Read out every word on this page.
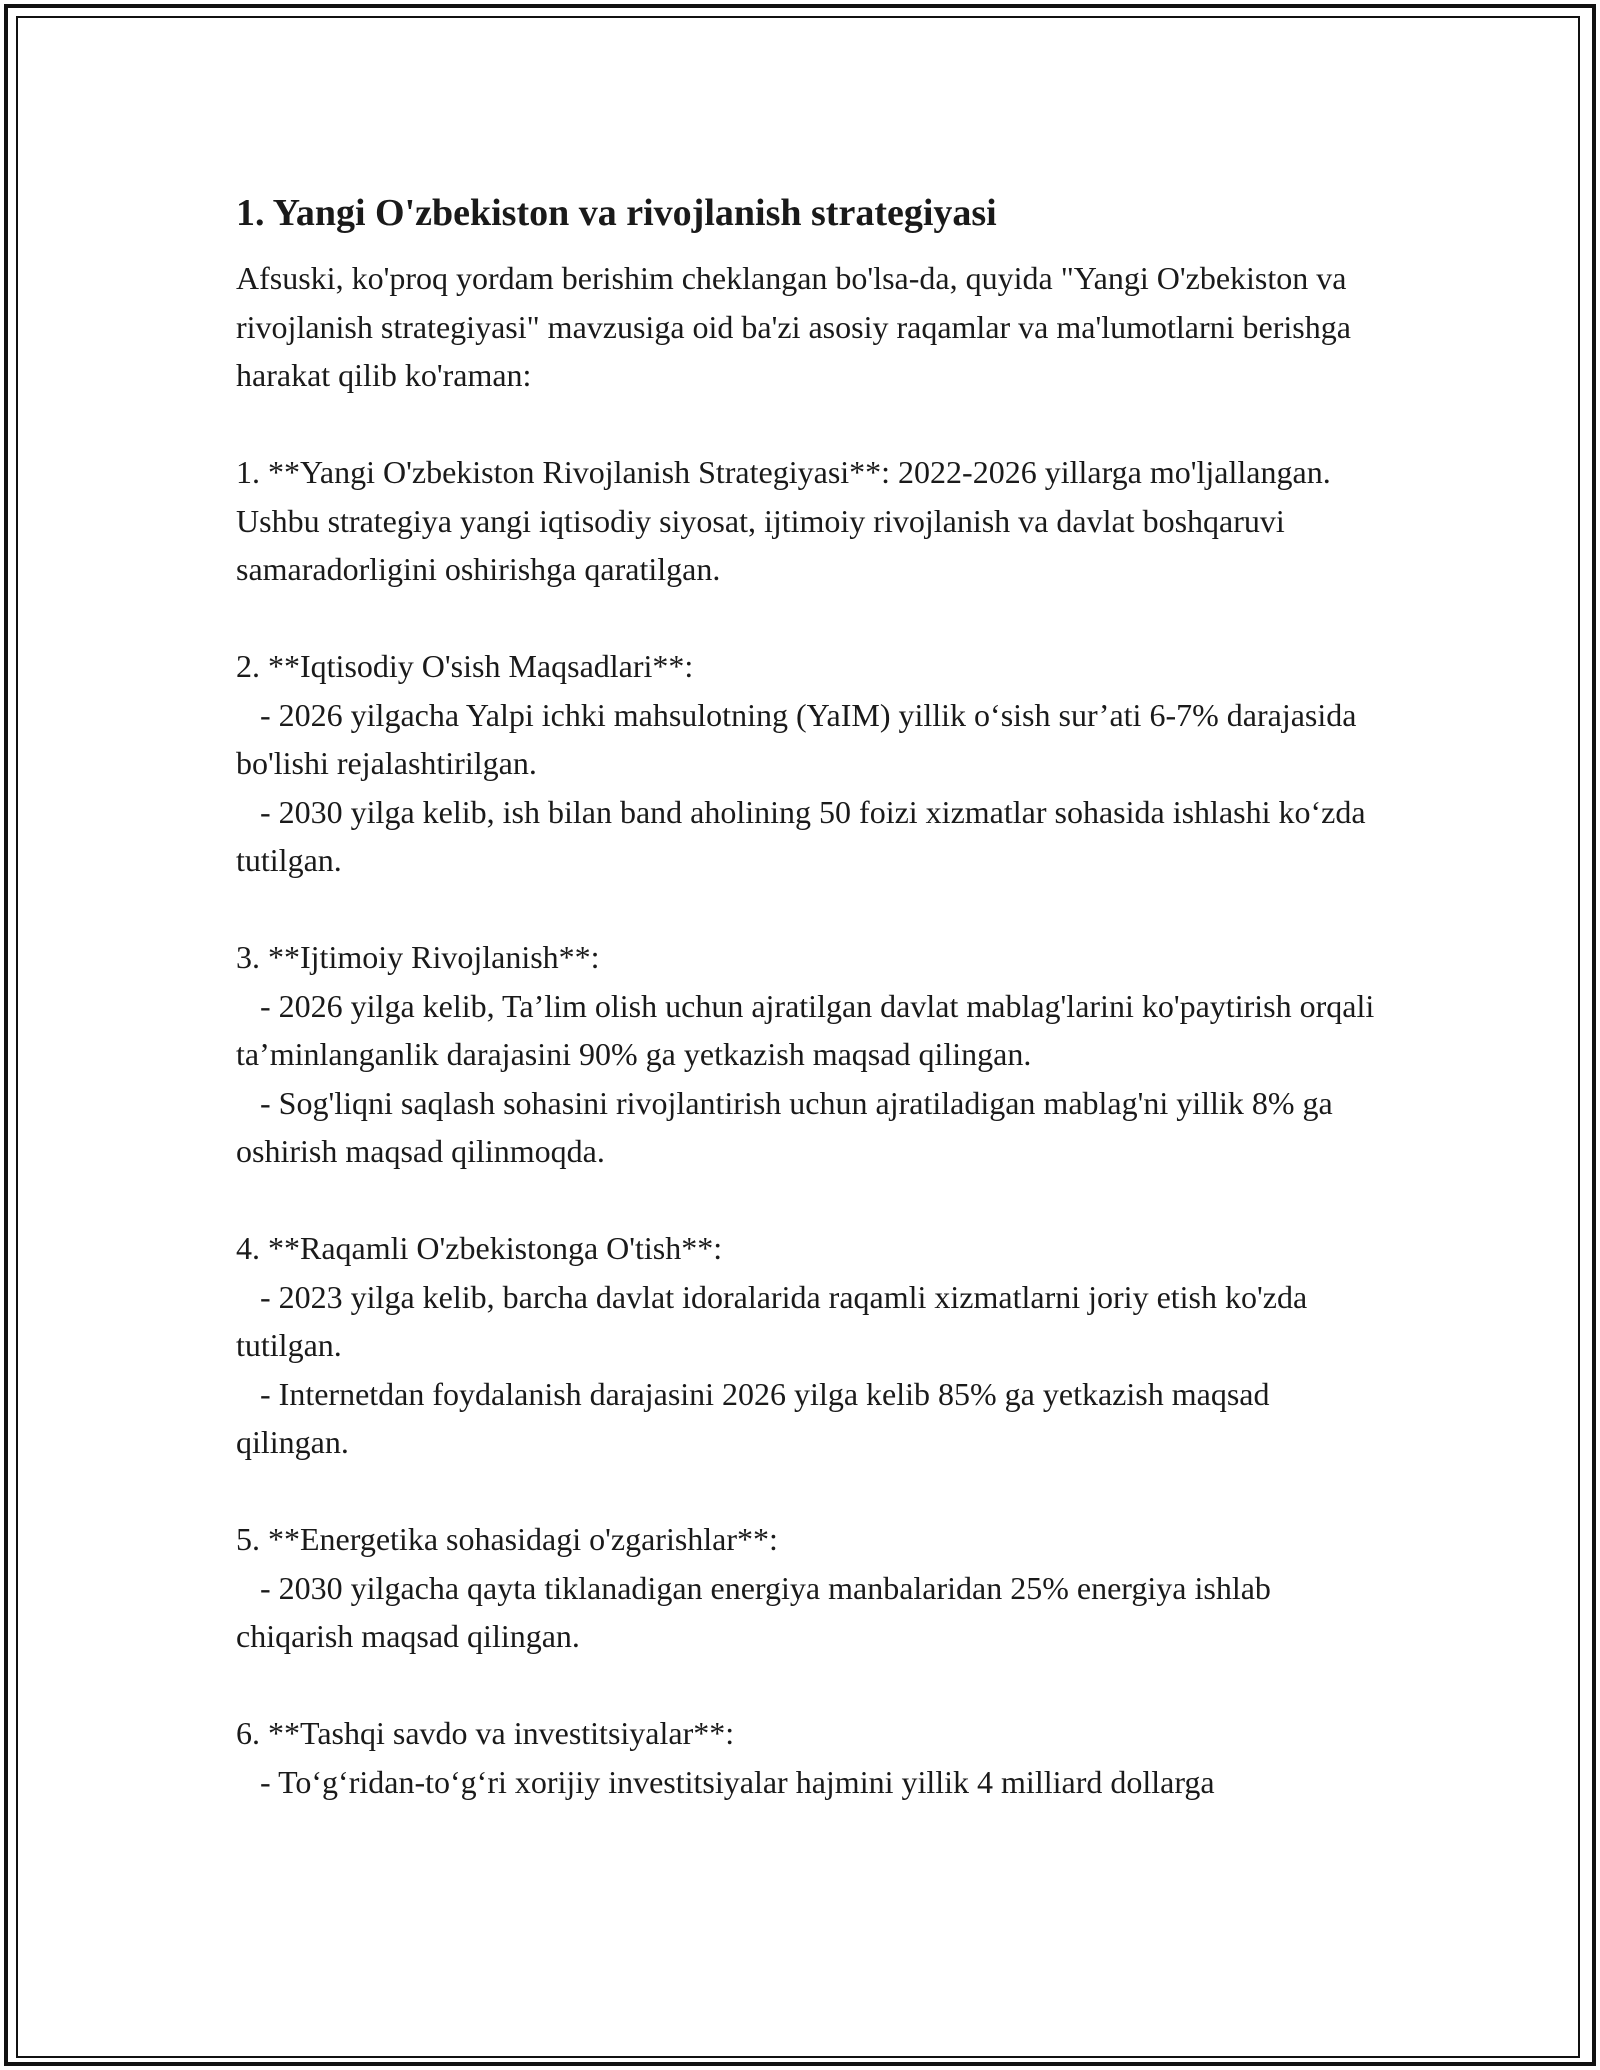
1. Yangi O'zbekiston va rivojlanish strategiyasi

Afsuski, ko'proq yordam berishim cheklangan bo'lsa-da, quyida "Yangi O'zbekiston va rivojlanish strategiyasi" mavzusiga oid ba'zi asosiy raqamlar va ma'lumotlarni berishga harakat qilib ko'raman:

1. **Yangi O'zbekiston Rivojlanish Strategiyasi**: 2022-2026 yillarga mo'ljallangan. Ushbu strategiya yangi iqtisodiy siyosat, ijtimoiy rivojlanish va davlat boshqaruvi samaradorligini oshirishga qaratilgan.

2. **Iqtisodiy O'sish Maqsadlari**:

- 2026 yilgacha Yalpi ichki mahsulotning (YaIM) yillik o‘sish sur’ati 6-7% darajasida bo'lishi rejalashtirilgan.

- 2030 yilga kelib, ish bilan band aholining 50 foizi xizmatlar sohasida ishlashi ko‘zda tutilgan.

3. **Ijtimoiy Rivojlanish**:

- 2026 yilga kelib, Ta’lim olish uchun ajratilgan davlat mablag'larini ko'paytirish orqali ta’minlanganlik darajasini 90% ga yetkazish maqsad qilingan.

- Sog'liqni saqlash sohasini rivojlantirish uchun ajratiladigan mablag'ni yillik 8% ga oshirish maqsad qilinmoqda.

4. **Raqamli O'zbekistonga O'tish**:

- 2023 yilga kelib, barcha davlat idoralarida raqamli xizmatlarni joriy etish ko'zda tutilgan.

- Internetdan foydalanish darajasini 2026 yilga kelib 85% ga yetkazish maqsad qilingan.

5. **Energetika sohasidagi o'zgarishlar**:

- 2030 yilgacha qayta tiklanadigan energiya manbalaridan 25% energiya ishlab chiqarish maqsad qilingan.

6. **Tashqi savdo va investitsiyalar**:

- To‘g‘ridan-to‘g‘ri xorijiy investitsiyalar hajmini yillik 4 milliard dollarga
